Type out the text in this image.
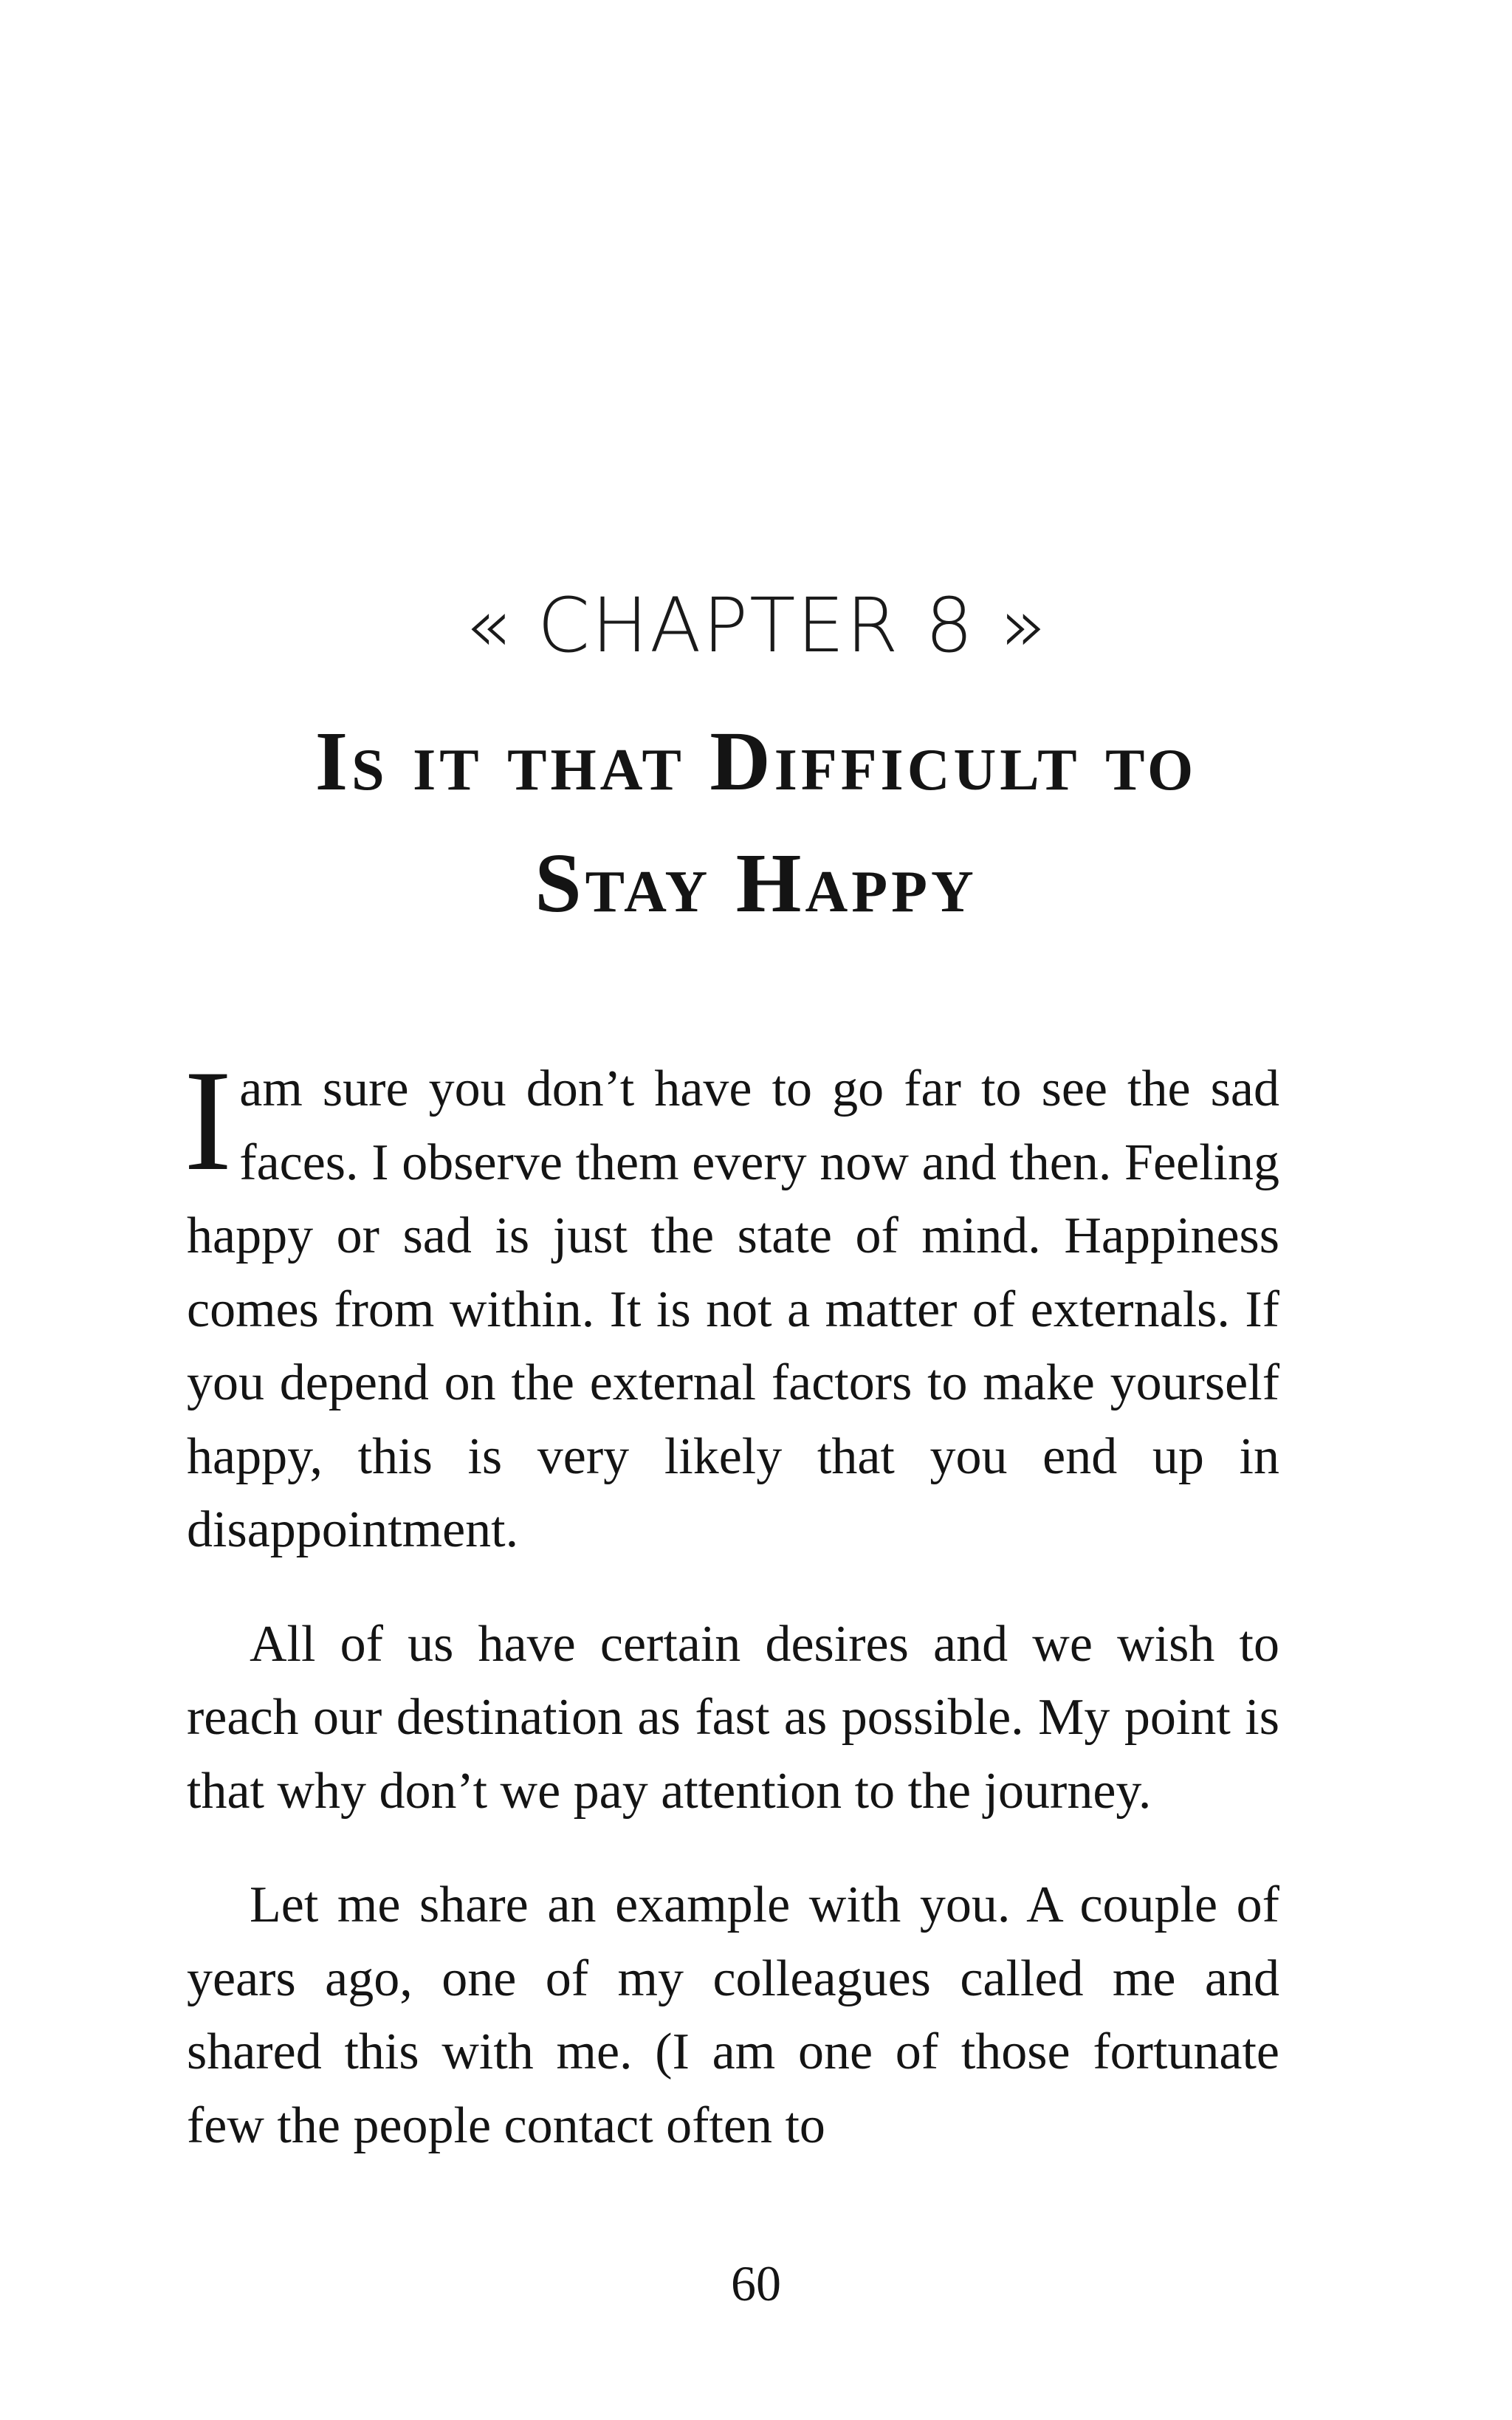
« CHAPTER 8 »
Is it that Difficult to
Stay Happy

Iam sure you don’t have to go far to see the sad faces. I observe them every now and then. Feeling happy or sad is just the state of mind. Happiness comes from within. It is not a matter of externals. If you depend on the external factors to make yourself happy, this is very likely that you end up in disappointment.

All of us have certain desires and we wish to reach our destination as fast as possible. My point is that why don’t we pay attention to the journey.

Let me share an example with you. A couple of years ago, one of my colleagues called me and shared this with me. (I am one of those fortunate few the people contact often to

60
